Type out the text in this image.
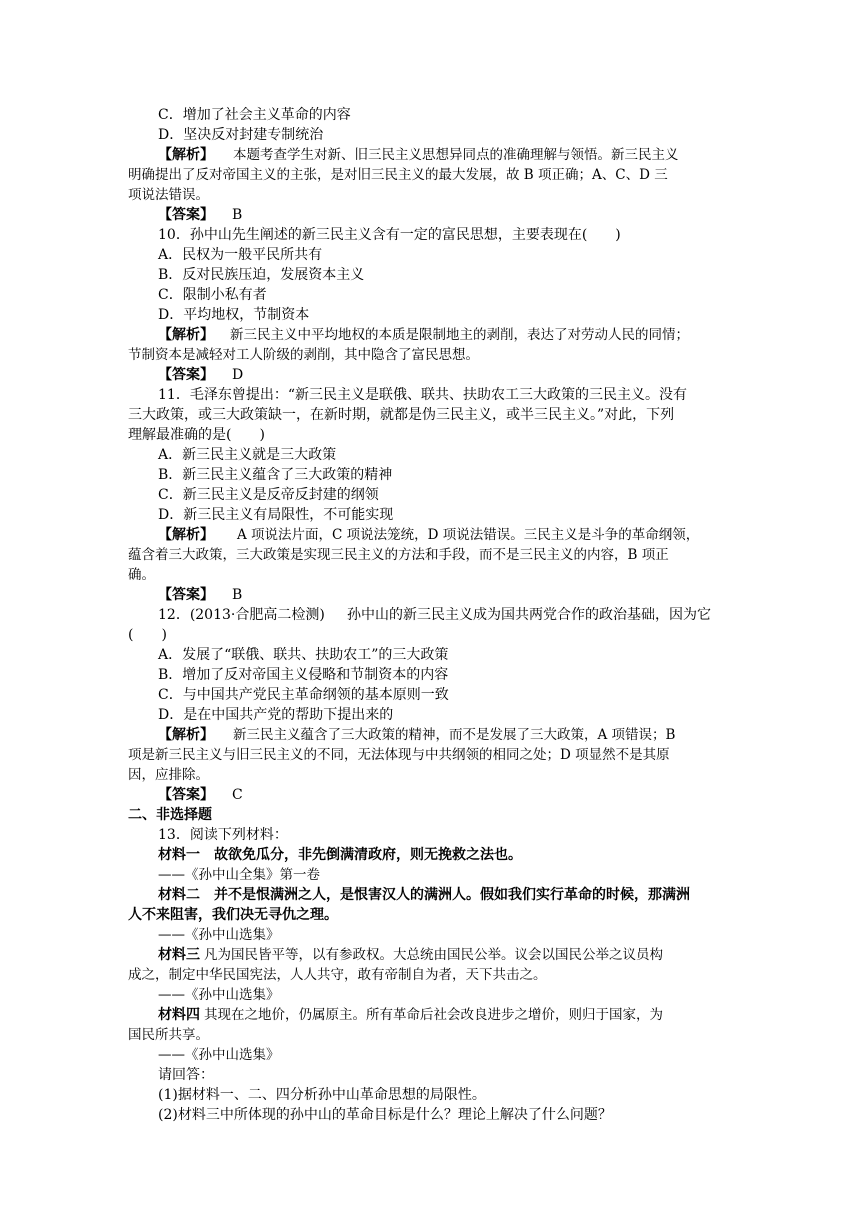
C．增加了社会主义革命的内容
D．坚决反对封建专制统治
【解析】 本题考查学生对新、旧三民主义思想异同点的准确理解与领悟。新三民主义
明确提出了反对帝国主义的主张，是对旧三民主义的最大发展，故 B 项正确；A、C、D 三
项说法错误。
【答案】 B
10．孙中山先生阐述的新三民主义含有一定的富民思想，主要表现在(　　)
A．民权为一般平民所共有
B．反对民族压迫，发展资本主义
C．限制小私有者
D．平均地权，节制资本
【解析】 新三民主义中平均地权的本质是限制地主的剥削，表达了对劳动人民的同情；
节制资本是减轻对工人阶级的剥削，其中隐含了富民思想。
【答案】 D
11．毛泽东曾提出：“新三民主义是联俄、联共、扶助农工三大政策的三民主义。没有
三大政策，或三大政策缺一，在新时期，就都是伪三民主义，或半三民主义。”对此，下列
理解最准确的是(　　)
A．新三民主义就是三大政策
B．新三民主义蕴含了三大政策的精神
C．新三民主义是反帝反封建的纲领
D．新三民主义有局限性，不可能实现
【解析】 A 项说法片面，C 项说法笼统，D 项说法错误。三民主义是斗争的革命纲领，
蕴含着三大政策，三大政策是实现三民主义的方法和手段，而不是三民主义的内容，B 项正
确。
【答案】 B
12．(2013·合肥高二检测) 孙中山的新三民主义成为国共两党合作的政治基础，因为它
(　　)
A．发展了“联俄、联共、扶助农工”的三大政策
B．增加了反对帝国主义侵略和节制资本的内容
C．与中国共产党民主革命纲领的基本原则一致
D．是在中国共产党的帮助下提出来的
【解析】 新三民主义蕴含了三大政策的精神，而不是发展了三大政策，A 项错误；B
项是新三民主义与旧三民主义的不同，无法体现与中共纲领的相同之处；D 项显然不是其原
因，应排除。
【答案】 C
二、非选择题
13．阅读下列材料：
材料一　故欲免瓜分，非先倒满清政府，则无挽救之法也。
——《孙中山全集》第一卷
材料二　并不是恨满洲之人，是恨害汉人的满洲人。假如我们实行革命的时候，那满洲
人不来阻害，我们决无寻仇之理。
——《孙中山选集》
材料三 凡为国民皆平等，以有参政权。大总统由国民公举。议会以国民公举之议员构
成之，制定中华民国宪法，人人共守，敢有帝制自为者，天下共击之。
——《孙中山选集》
材料四 其现在之地价，仍属原主。所有革命后社会改良进步之增价，则归于国家，为
国民所共享。
——《孙中山选集》
请回答：
(1)据材料一、二、四分析孙中山革命思想的局限性。
(2)材料三中所体现的孙中山的革命目标是什么？理论上解决了什么问题？
